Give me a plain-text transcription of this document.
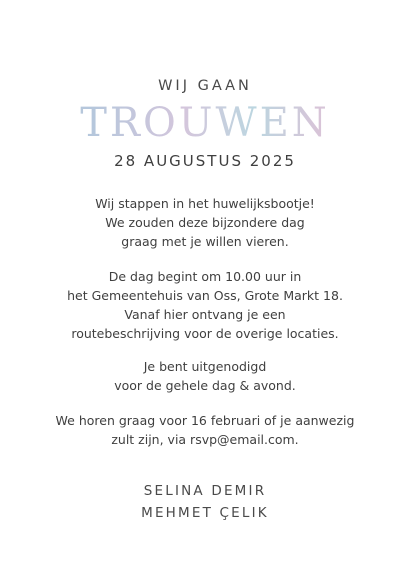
WIJ GAAN
TROUWEN
28 AUGUSTUS 2025
Wij stappen in het huwelijksbootje!
We zouden deze bijzondere dag
graag met je willen vieren.
De dag begint om 10.00 uur in
het Gemeentehuis van Oss, Grote Markt 18.
Vanaf hier ontvang je een
routebeschrijving voor de overige locaties.
Je bent uitgenodigd
voor de gehele dag & avond.
We horen graag voor 16 februari of je aanwezig
zult zijn, via rsvp@email.com.
SELINA DEMIR
MEHMET ÇELIK
